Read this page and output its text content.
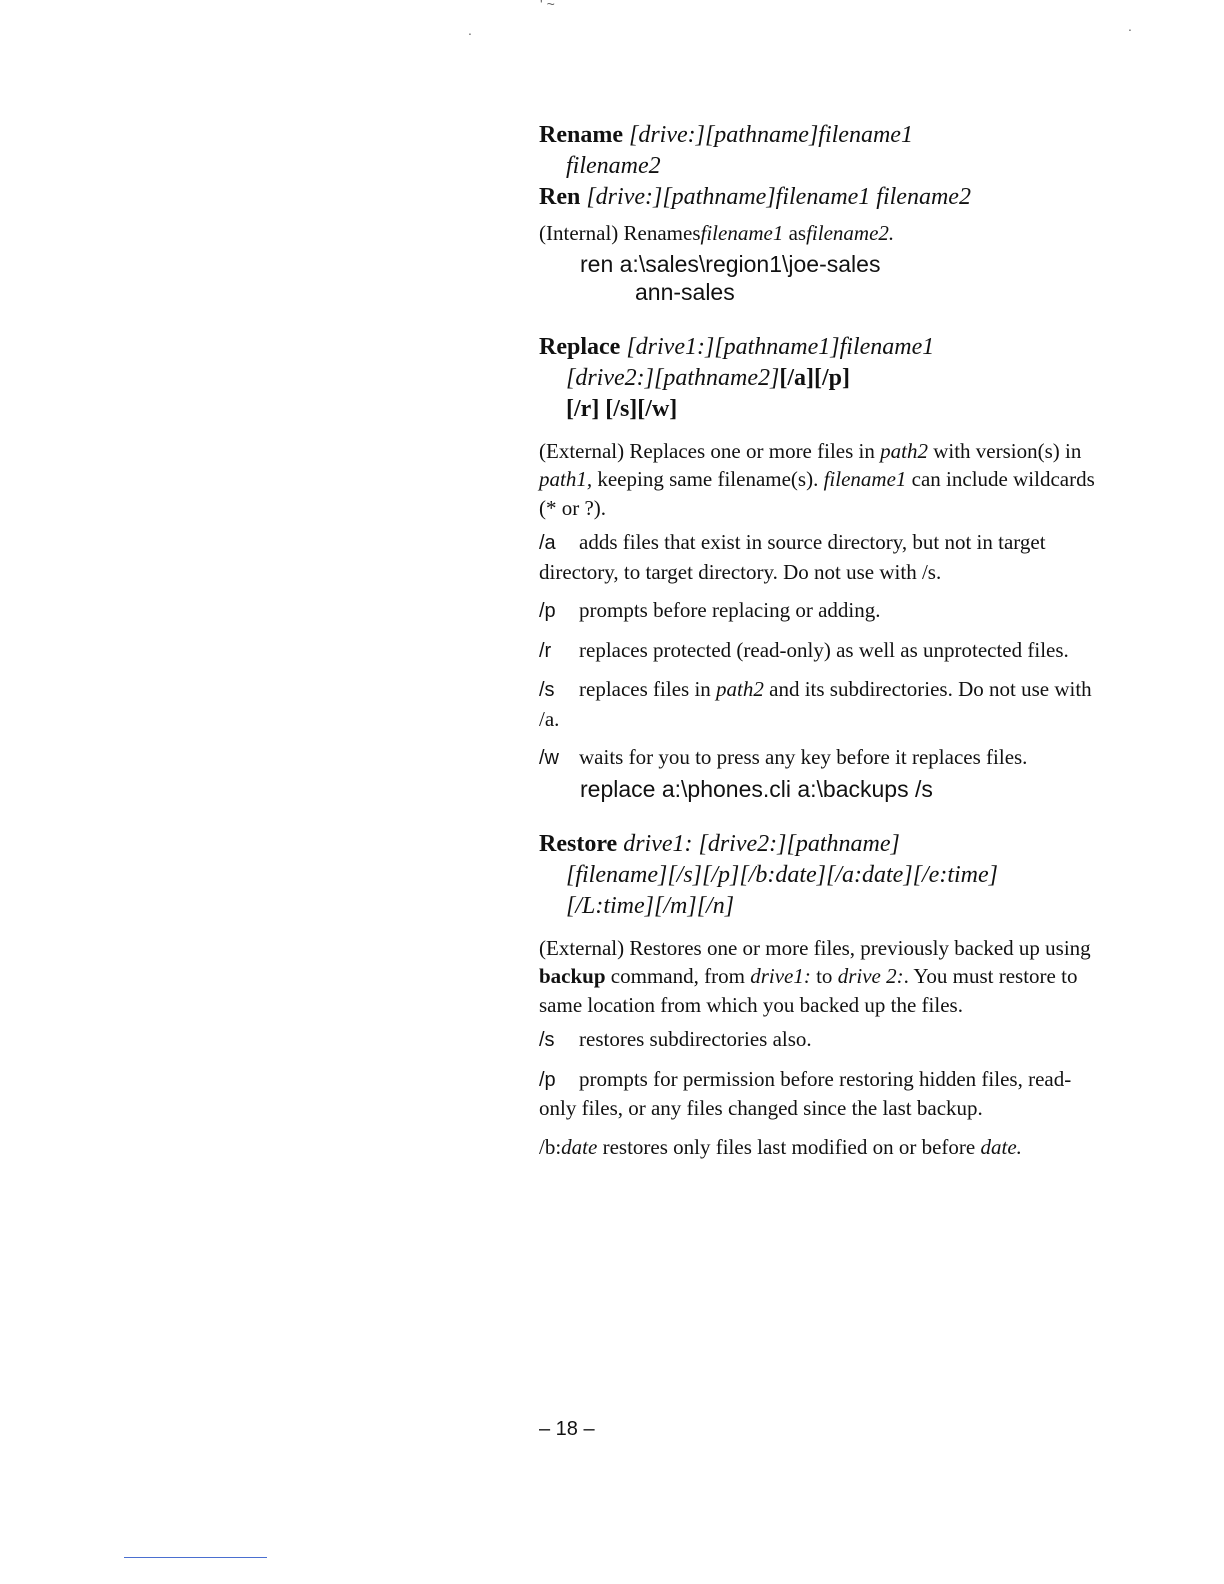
' ~
.	.

Rename [drive:][pathname]filename1
filename2

Ren [drive:][pathname]filename1 filename2

(Internal) Renamesfilename1 asfilename2.

ren a:\sales\region1\joe-sales
ann-sales

Replace [drive1:][pathname1]filename1
[drive2:][pathname2][/a][/p]
[/r] [/s][/w]

(External) Replaces one or more files in path2 with version(s) in path1, keeping same filename(s). filename1 can include wildcards (* or ?).

/a adds files that exist in source directory, but not in target directory, to target directory. Do not use with /s.

/p prompts before replacing or adding.

/r replaces protected (read-only) as well as unprotected files.

/s replaces files in path2 and its subdirectories. Do not use with /a.

/w waits for you to press any key before it replaces files.

replace a:\phones.cli a:\backups /s

Restore drive1: [drive2:][pathname]
[filename][/s][/p][/b:date][/a:date][/e:time]
[/L:time][/m][/n]

(External) Restores one or more files, previously backed up using backup command, from drive1: to drive 2:. You must restore to same location from which you backed up the files.

/s restores subdirectories also.

/p prompts for permission before restoring hidden files, read-only files, or any files changed since the last backup.

/b:date restores only files last modified on or before date.

– 18 –
